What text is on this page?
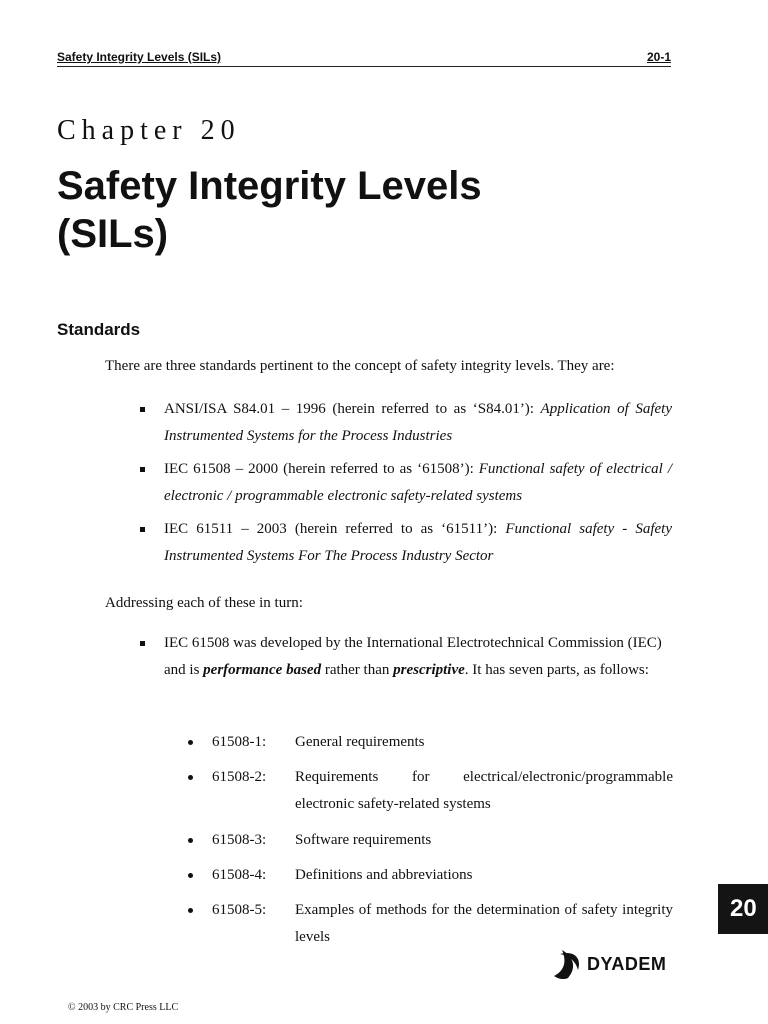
Safety Integrity Levels (SILs)	20-1
Chapter 20
Safety Integrity Levels
(SILs)
Standards
There are three standards pertinent to the concept of safety integrity levels. They are:
ANSI/ISA S84.01 – 1996 (herein referred to as ‘S84.01’): Application of Safety Instrumented Systems for the Process Industries
IEC 61508 – 2000 (herein referred to as ‘61508’): Functional safety of electrical / electronic / programmable electronic safety-related systems
IEC 61511 – 2003 (herein referred to as ‘61511’): Functional safety - Safety Instrumented Systems For The Process Industry Sector
Addressing each of these in turn:
IEC 61508 was developed by the International Electrotechnical Commission (IEC) and is performance based rather than prescriptive. It has seven parts, as follows:
61508-1: General requirements
61508-2: Requirements for electrical/electronic/programmable electronic safety-related systems
61508-3: Software requirements
61508-4: Definitions and abbreviations
61508-5: Examples of methods for the determination of safety integrity levels
20
DYADEM
© 2003 by CRC Press LLC
